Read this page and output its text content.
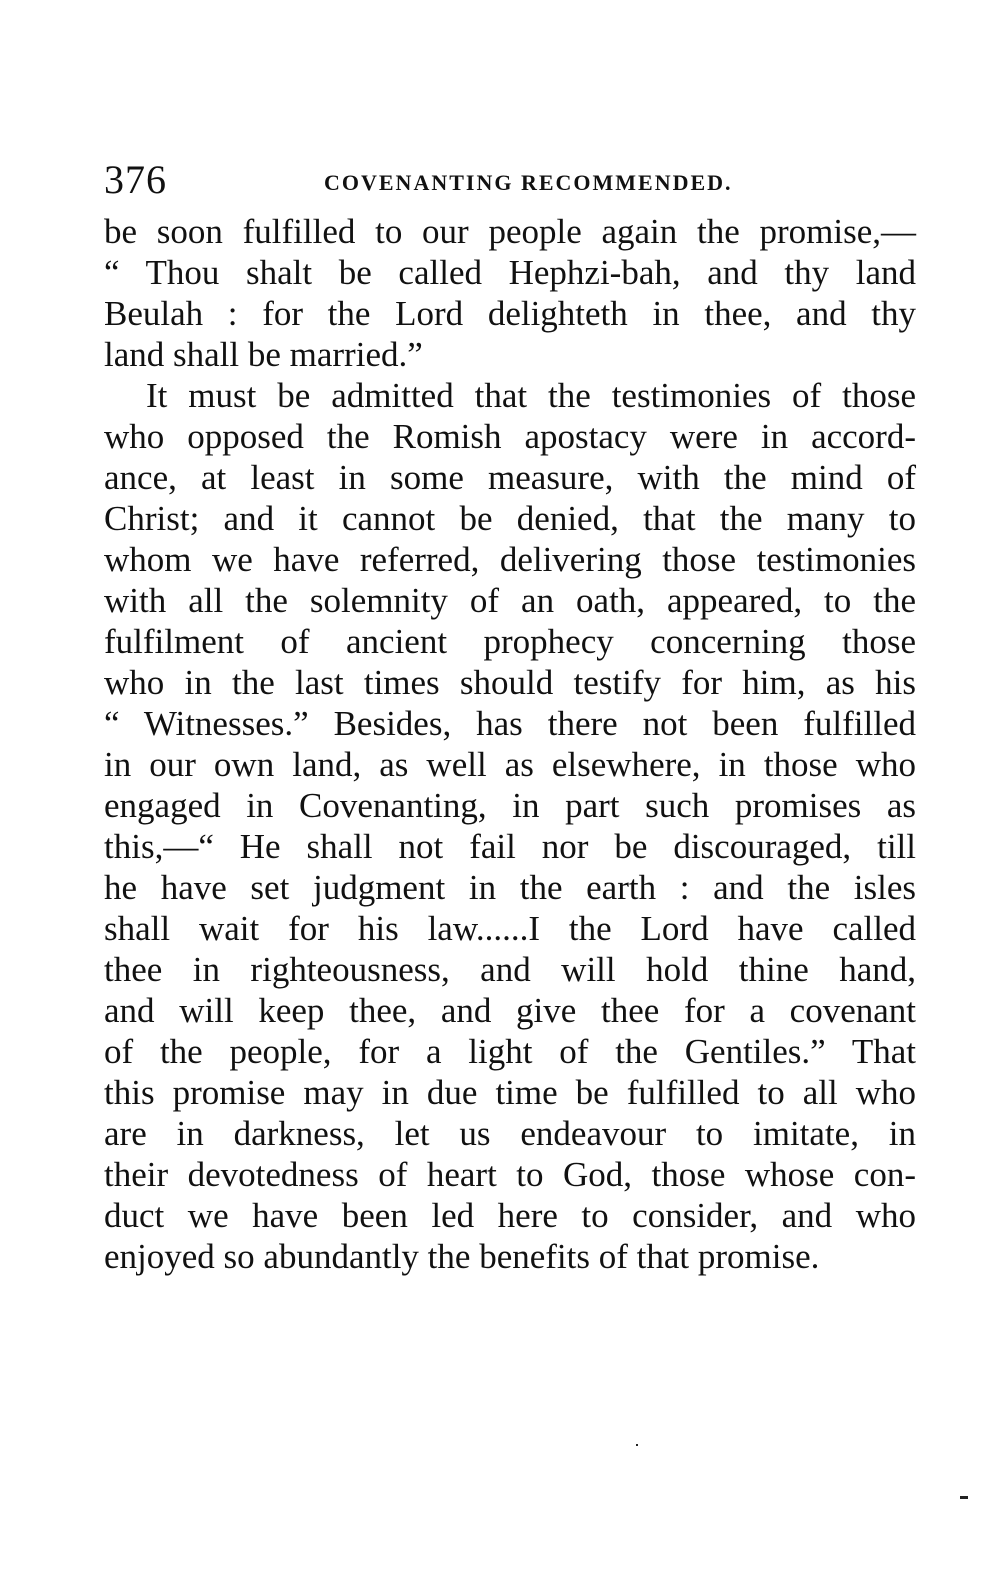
376	COVENANTING RECOMMENDED.
be soon fulfilled to our people again the promise,—
“ Thou shalt be called Hephzi-bah, and thy land
Beulah : for the Lord delighteth in thee, and thy
land shall be married.”
It must be admitted that the testimonies of those
who opposed the Romish apostacy were in accord-
ance, at least in some measure, with the mind of
Christ; and it cannot be denied, that the many to
whom we have referred, delivering those testimonies
with all the solemnity of an oath, appeared, to the
fulfilment of ancient prophecy concerning those
who in the last times should testify for him, as his
“ Witnesses.” Besides, has there not been fulfilled
in our own land, as well as elsewhere, in those who
engaged in Covenanting, in part such promises as
this,—“ He shall not fail nor be discouraged, till
he have set judgment in the earth : and the isles
shall wait for his law......I the Lord have called
thee in righteousness, and will hold thine hand,
and will keep thee, and give thee for a covenant
of the people, for a light of the Gentiles.” That
this promise may in due time be fulfilled to all who
are in darkness, let us endeavour to imitate, in
their devotedness of heart to God, those whose con-
duct we have been led here to consider, and who
enjoyed so abundantly the benefits of that promise.
